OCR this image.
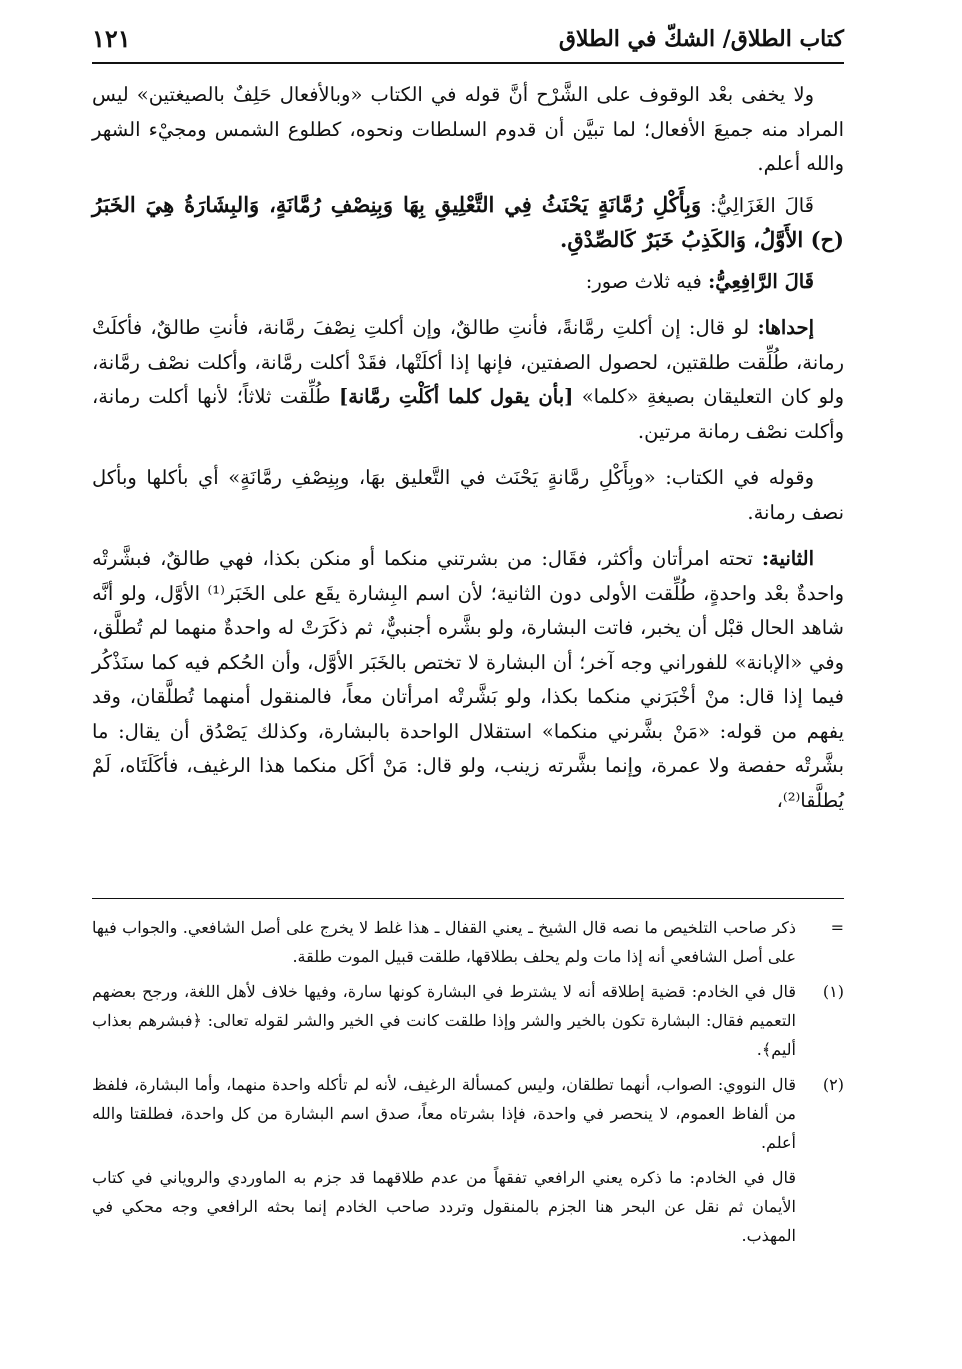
كتاب الطلاق/ الشكّ في الطلاق
١٢١

ولا يخفى بعْد الوقوف على الشَّرْح أنَّ قوله في الكتاب «وبالأفعال حَلِفٌ بالصيغتين» ليس المراد منه جميعَ الأفعال؛ لما تبيَّن أن قدوم السلطات ونحوه، كطلوع الشمس ومجيْء الشهر والله أعلم.

قَالَ الغَزَالِيُّ: وَبِأَكْلِ رُمَّانَةٍ يَحْنَثُ فِي التَّعْلِيقِ بِهَا وَبِنِصْفِ رُمَّانَةٍ، وَالبِشَارَةُ هِيَ الخَبَرُ (ح) الأَوَّلُ، وَالكَذِبُ خَبَرٌ كَالصِّدْقِ.

قَالَ الرَّافِعِيُّ: فيه ثلاث صور:

إحداها: لو قال: إن أكلتِ رمَّانةً، فأنتِ طالقٌ، وإن أكلتِ نِصْفَ رمَّانة، فأنتِ طالقٌ، فأكلَتْ رمانة، طُلِّقت طلقتين، لحصول الصفتين، فإنها إذا أكلَتْها، فقَدْ أكلت رمَّانة، وأكلت نصْف رمَّانة، ولو كان التعليقان بصيغةِ «كلما» [بأن يقول كلما أكَلْتِ رمَّانة] طُلِّقت ثلاثاً؛ لأنها أكلت رمانة، وأكلت نصْف رمانة مرتين.

وقوله في الكتاب: «وبِأَكْلِ رمَّانةٍ يَحْنَث في التَّعليق بهَا، وبِنِصْفِ رمَّانَةٍ» أي بأكلها وبأكل نصف رمانة.

الثانية: تحته امرأتان وأكثر، فقَال: من بشرتني منكما أو منكن بكذا، فهي طالقٌ، فبشَّرتْه واحدةٌ بعْد واحدةٍ، طُلِّقت الأولى دون الثانية؛ لأن اسم البِشارة يقَع على الخَبَر⁽¹⁾ الأوَّل، ولو أنَّه شاهد الحال قبْل أن يخبر، فاتت البشارة، ولو بشَّره أجنبيٌّ، ثم ذكَرَتْ له واحدةٌ منهما لم تُطلَّق، وفي «الإبانة» للفوراني وجه آخر؛ أن البشارة لا تختص بالخَبَر الأوَّل، وأن الحُكم فيه كما سنَذْكُر فيما إذا قال: منْ أخْبَرَني منكما بكذا، ولو بَشَّرتْه امرأتان معاً، فالمنقول أمنهما تُطلَّقان، وقد يفهم من قوله: «مَنْ بشَّرني منكما» استقلال الواحدة بالبشارة، وكذلك يَصْدُق أن يقال: ما بشَّرتْه حفصة ولا عمرة، وإنما بشَّرته زينب، ولو قال: مَنْ أكَل منكما هذا الرغيف، فأكَلَتَاه، لَمْ يُطلَّقا⁽²⁾،

=
ذكر صاحب التلخيص ما نصه قال الشيخ ـ يعني القفال ـ هذا غلط لا يخرج على أصل الشافعي. والجواب فيها على أصل الشافعي أنه إذا مات ولم يحلف بطلاقها، طلقت قبيل الموت طلقة.
(١)
قال في الخادم: قضية إطلاقه أنه لا يشترط في البشارة كونها سارة، وفيها خلاف لأهل اللغة، ورجح بعضهم التعميم فقال: البشارة تكون بالخير والشر وإذا طلقت كانت في الخير والشر لقوله تعالى: ﴿فبشرهم بعذاب أليم﴾.
(٢)
قال النووي: الصواب، أنهما تطلقان، وليس كمسألة الرغيف، لأنه لم تأكله واحدة منهما، وأما البشارة، فلفظ من ألفاظ العموم، لا ينحصر في واحدة، فإذا بشرتاه معاً، صدق اسم البشارة من كل واحدة، فطلقتا والله أعلم.
قال في الخادم: ما ذكره يعني الرافعي تفقهاً من عدم طلاقهما قد جزم به الماوردي والروياني في كتاب الأيمان ثم نقل عن البحر هنا الجزم بالمنقول وتردد صاحب الخادم إنما بحثه الرافعي وجه محكي في المهذب.
